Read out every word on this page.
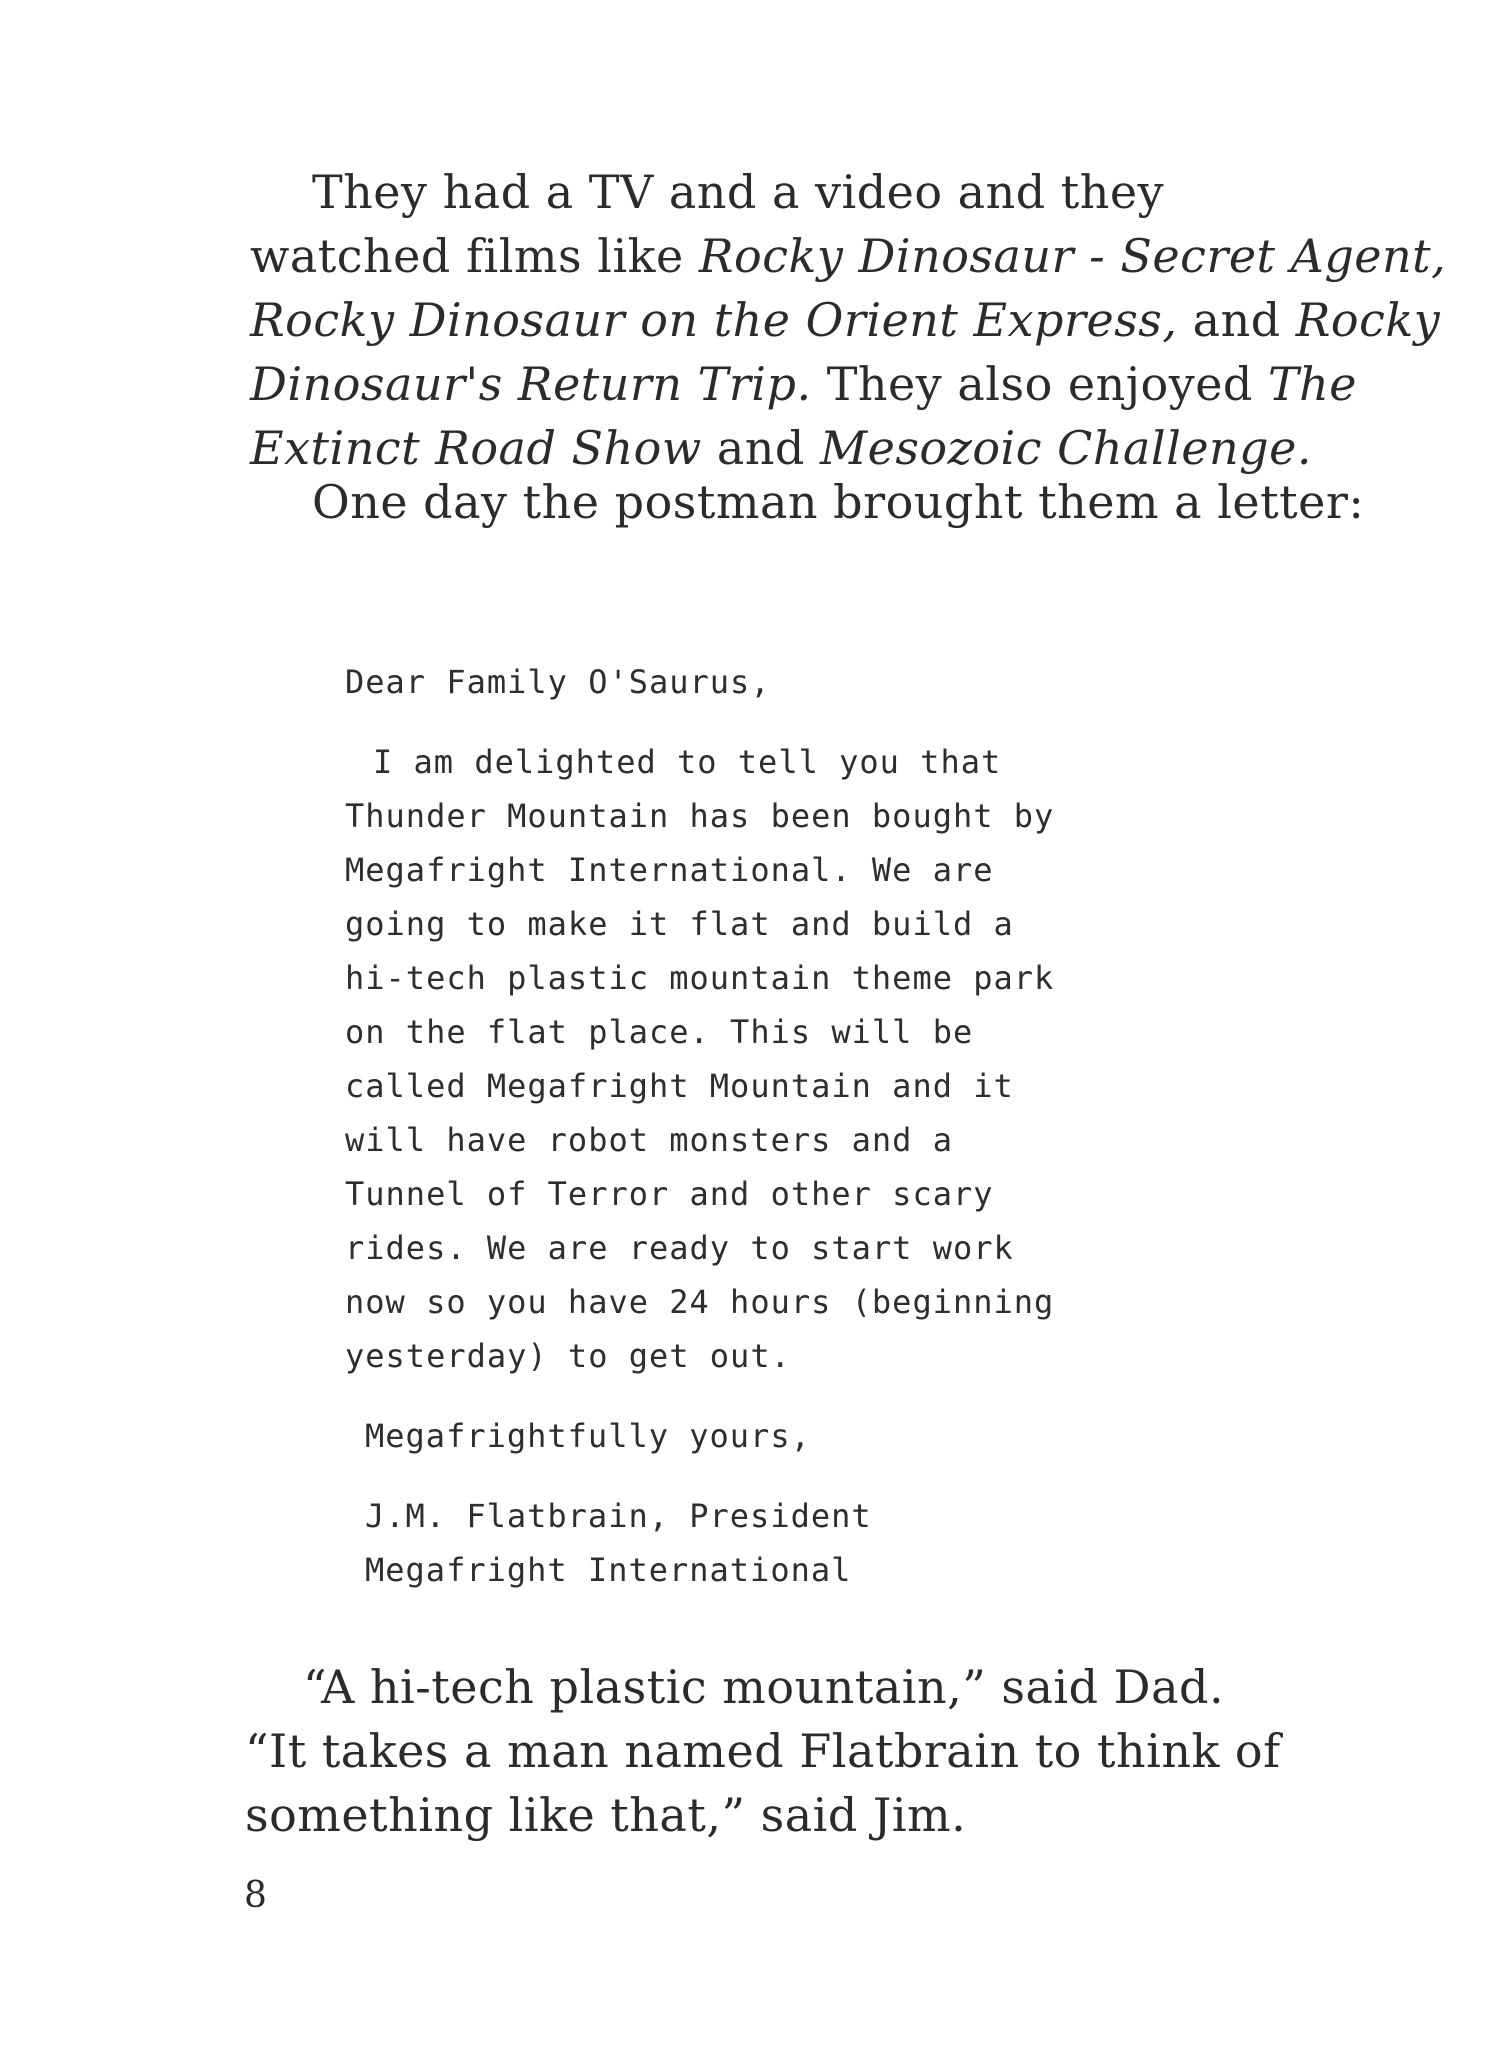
They had a TV and a video and they
watched films like Rocky Dinosaur - Secret Agent,
Rocky Dinosaur on the Orient Express, and Rocky
Dinosaur's Return Trip. They also enjoyed The
Extinct Road Show and Mesozoic Challenge.
One day the postman brought them a letter:
Dear Family O'Saurus,
I am delighted to tell you that
Thunder Mountain has been bought by
Megafright International. We are
going to make it flat and build a
hi-tech plastic mountain theme park
on the flat place. This will be
called Megafright Mountain and it
will have robot monsters and a
Tunnel of Terror and other scary
rides. We are ready to start work
now so you have 24 hours (beginning
yesterday) to get out.
Megafrightfully yours,
J.M. Flatbrain, President
Megafright International
“A hi-tech plastic mountain,” said Dad.
“It takes a man named Flatbrain to think of
something like that,” said Jim.
8
